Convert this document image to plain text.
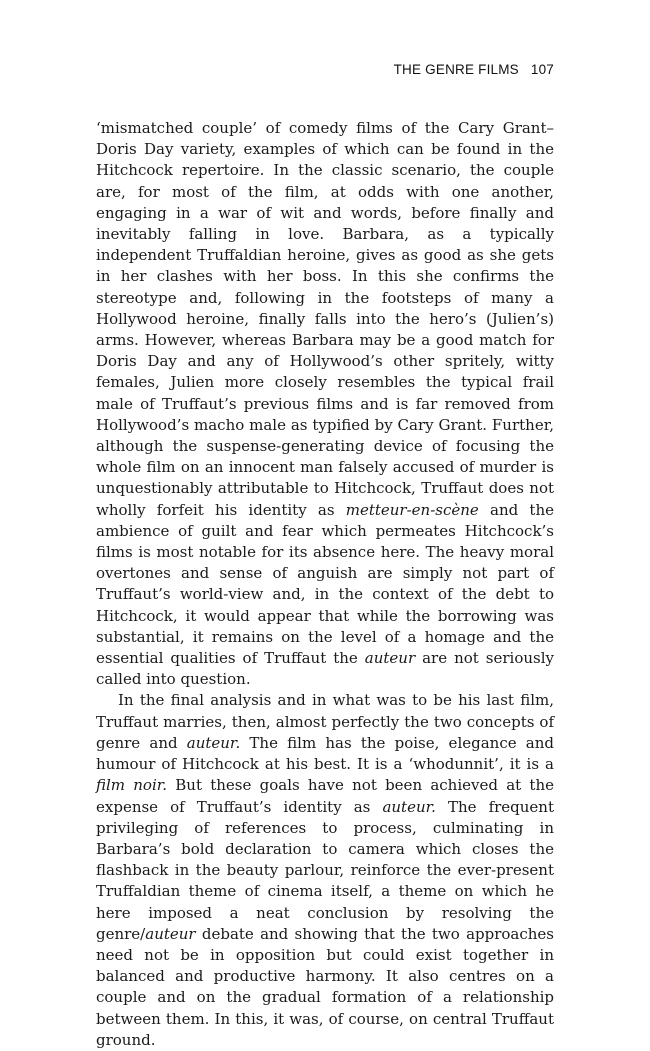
THE GENRE FILMS 107

‘mismatched couple’ of comedy films of the Cary Grant–Doris Day variety, examples of which can be found in the Hitchcock repertoire. In the classic scenario, the couple are, for most of the film, at odds with one another, engaging in a war of wit and words, before finally and inevitably falling in love. Barbara, as a typically independent Truffaldian heroine, gives as good as she gets in her clashes with her boss. In this she confirms the stereotype and, following in the footsteps of many a Hollywood heroine, finally falls into the hero’s (Julien’s) arms. However, whereas Barbara may be a good match for Doris Day and any of Hollywood’s other spritely, witty females, Julien more closely resembles the typical frail male of Truffaut’s previous films and is far removed from Hollywood’s macho male as typified by Cary Grant. Further, although the suspense-generating device of focusing the whole film on an innocent man falsely accused of murder is unquestionably attributable to Hitchcock, Truffaut does not wholly forfeit his identity as metteur-en-scène and the ambience of guilt and fear which permeates Hitchcock’s films is most notable for its absence here. The heavy moral overtones and sense of anguish are simply not part of Truffaut’s world-view and, in the context of the debt to Hitchcock, it would appear that while the borrowing was substantial, it remains on the level of a homage and the essential qualities of Truffaut the auteur are not seriously called into question.

In the final analysis and in what was to be his last film, Truffaut marries, then, almost perfectly the two concepts of genre and auteur. The film has the poise, elegance and humour of Hitchcock at his best. It is a ‘whodunnit’, it is a film noir. But these goals have not been achieved at the expense of Truffaut’s identity as auteur. The frequent privileging of references to process, culminating in Barbara’s bold declaration to camera which closes the flashback in the beauty parlour, reinforce the ever-present Truffaldian theme of cinema itself, a theme on which he here imposed a neat conclusion by resolving the genre/auteur debate and showing that the two approaches need not be in opposition but could exist together in balanced and productive harmony. It also centres on a couple and on the gradual formation of a relationship between them. In this, it was, of course, on central Truffaut ground.
